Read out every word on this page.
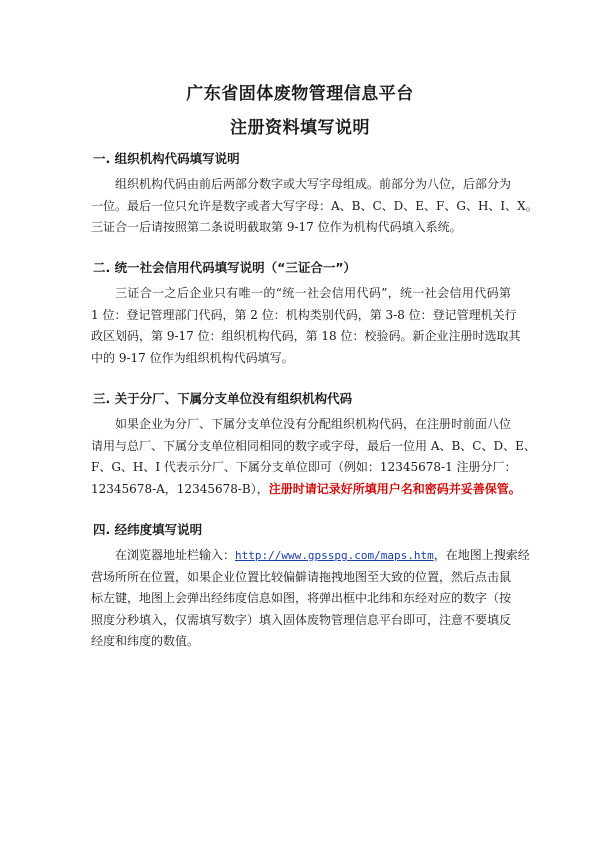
广东省固体废物管理信息平台
注册资料填写说明
一. 组织机构代码填写说明
组织机构代码由前后两部分数字或大写字母组成。前部分为八位，后部分为
一位。最后一位只允许是数字或者大写字母：A、B、C、D、E、F、G、H、I、X。
三证合一后请按照第二条说明截取第 9-17 位作为机构代码填入系统。
二. 统一社会信用代码填写说明（“三证合一”）
三证合一之后企业只有唯一的“统一社会信用代码”，统一社会信用代码第
1 位：登记管理部门代码，第 2 位：机构类别代码，第 3-8 位：登记管理机关行
政区划码，第 9-17 位：组织机构代码，第 18 位：校验码。新企业注册时选取其
中的 9-17 位作为组织机构代码填写。
三. 关于分厂、下属分支单位没有组织机构代码
如果企业为分厂、下属分支单位没有分配组织机构代码，在注册时前面八位
请用与总厂、下属分支单位相同相同的数字或字母，最后一位用 A、B、C、D、E、
F、G、H、I 代表示分厂、下属分支单位即可（例如：12345678-1 注册分厂：
12345678-A，12345678-B），注册时请记录好所填用户名和密码并妥善保管。
四. 经纬度填写说明
在浏览器地址栏输入：http://www.gpsspg.com/maps.htm，在地图上搜索经
营场所所在位置，如果企业位置比较偏僻请拖拽地图至大致的位置，然后点击鼠
标左键，地图上会弹出经纬度信息如图，将弹出框中北纬和东经对应的数字（按
照度分秒填入，仅需填写数字）填入固体废物管理信息平台即可，注意不要填反
经度和纬度的数值。
